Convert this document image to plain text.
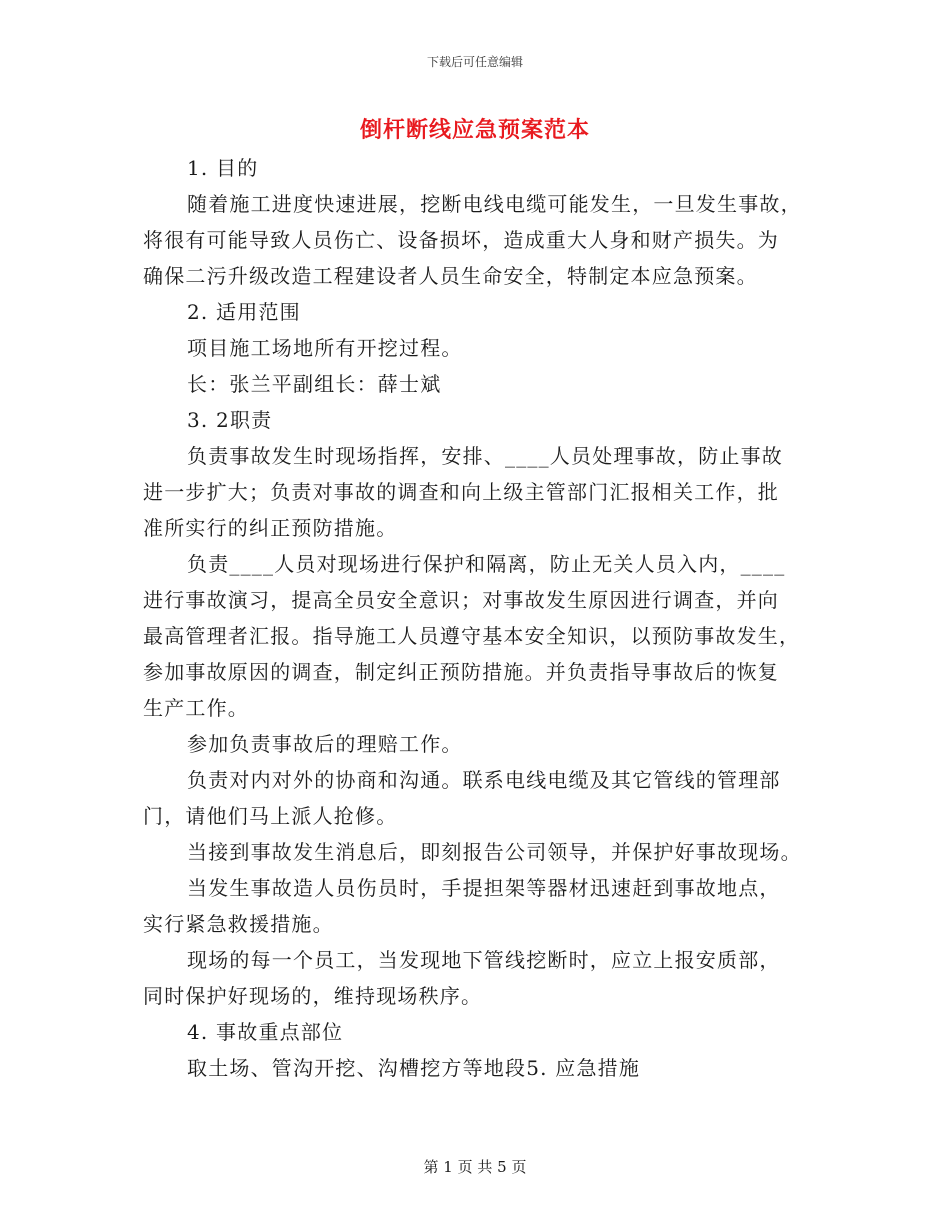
下载后可任意编辑
倒杆断线应急预案范本
1. 目的
随着施工进度快速进展，挖断电线电缆可能发生，一旦发生事故，
将很有可能导致人员伤亡、设备损坏，造成重大人身和财产损失。为
确保二污升级改造工程建设者人员生命安全，特制定本应急预案。
2. 适用范围
项目施工场地所有开挖过程。
长：张兰平副组长：薛士斌
3. 2职责
负责事故发生时现场指挥，安排、____人员处理事故，防止事故
进一步扩大；负责对事故的调查和向上级主管部门汇报相关工作，批
准所实行的纠正预防措施。
负责____人员对现场进行保护和隔离，防止无关人员入内，____
进行事故演习，提高全员安全意识；对事故发生原因进行调查，并向
最高管理者汇报。指导施工人员遵守基本安全知识，以预防事故发生，
参加事故原因的调查，制定纠正预防措施。并负责指导事故后的恢复
生产工作。
参加负责事故后的理赔工作。
负责对内对外的协商和沟通。联系电线电缆及其它管线的管理部
门，请他们马上派人抢修。
当接到事故发生消息后，即刻报告公司领导，并保护好事故现场。
当发生事故造人员伤员时，手提担架等器材迅速赶到事故地点，
实行紧急救援措施。
现场的每一个员工，当发现地下管线挖断时，应立上报安质部，
同时保护好现场的，维持现场秩序。
4. 事故重点部位
取土场、管沟开挖、沟槽挖方等地段5. 应急措施
第 1 页 共 5 页
